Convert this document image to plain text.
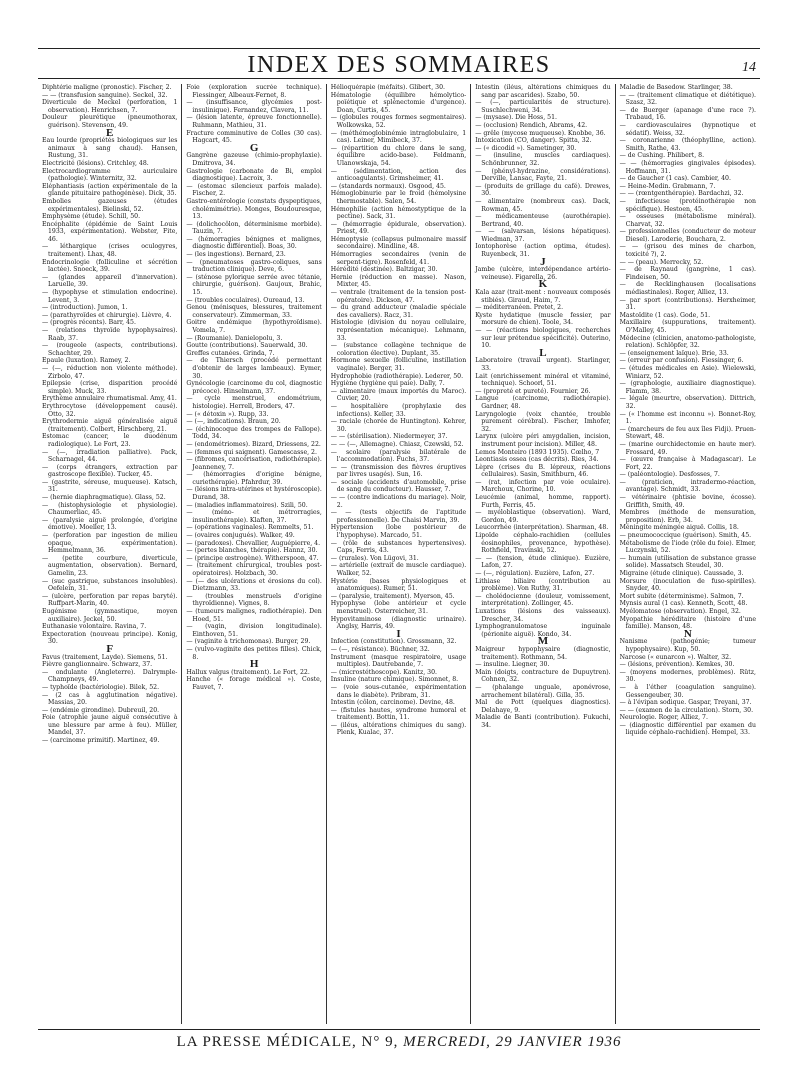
INDEX DES SOMMAIRES	14

Diphtérie maligne (pronostic). Fischer, 2.

— — (transfusion sanguine). Seckel, 32.

Diverticule de Meckel (perforation, 1 observation). Henrichsen, 7.

Douleur pleurétique (pneumothorax, guérison). Stevenson, 49.

E

Eau lourde (propriétés biologiques sur les animaux à sang chaud). Hansen, Rustung, 31.

Electricité (lésions). Critchley, 48.

Electrocardiogramme auriculaire (pathologie). Winternitz, 32.

Eléphantiasis (action expérimentale de la glande pituitaire pathogénèse). Dick, 35.

Embolies gazeuses (études expérimentales). Bielinski, 52.

Emphysème (étude). Schill, 50.

Encéphalite (épidémie de Saint Louis 1933, expérimentation). Webster, Fite, 46.

— léthargique (crises oculogyres, traitement). Lhax, 48.

Endocrinologie (folliculine et sécrétion lactée). Snoeck, 39.

— (glandes appareil d'innervation). Laruelle, 39.

— (hypophyse et stimulation endocrine). Levent, 3.

— (introduction). Jumon, 1.

— (parathyroïdes et chirurgie). Lièvre, 4.

— (progrès récents). Barr, 45.

— (relations thyroïde hypophysaires). Raab, 37.

— (rougeole (aspects, contributions). Schachter, 29.

Epaule (luxation). Ramey, 2.

— (—, réduction non violente méthode). Zirbolo, 47.

Epilepsie (crise, disparition procédé simple). Muck, 33.

Erythème annulaire rhumatismal. Amy, 41.

Erythrocytose (développement causé). Otto, 32.

Erythrodermie aiguë généralisée aiguë (traitement). Colbert, Hirschberg, 21.

Estomac (cancer, le duodénum radiologique). Le Fort, 23.

— (—, irradiation palliative). Pack, Scharnagel, 44.

— (corps étrangers, extraction par gastroscope flexible). Tucker, 45.

— (gastrite, séreuse, muqueuse). Katsch, 31.

— (hernie diaphragmatique). Glass, 52.

— (histophysiologie et physiologie). Chaumerliac, 45.

— (paralysie aiguë prolongée, d'origine émotive). Moeller, 13.

— (perforation par ingestion de milieu opaque, expérimentation). Hemmelmann, 36.

— (petite courbure, diverticule, augmentation, observation). Bernard, Gamelin, 23.

— (suc gastrique, substances insolubles). Oefelein, 31.

— (ulcère, perforation par repas baryté). Ruffpart-Marin, 40.

Eugénisme (gymnastique, moyen auxiliaire). Jeckel, 50.

Euthanasie volontaire. Ravina, 7.

Expectoration (nouveau principe). Konig, 30.

F

Favus (traitement, Layde). Siemens, 51.

Fièvre ganglionnaire. Schwarz, 37.

— ondulante (Angleterre). Dalrymple-Champneys, 49.

— typhoïde (bactériologie). Bilek, 52.

— (2 cas à agglutination négative). Massias, 20.

— (endémie girondine). Dubreuil, 20.

Foie (atrophie jaune aiguë consécutive à une blessure par arme à feu). Müller, Mandel, 37.

— (carcinome primitif). Martinez, 49.

Foie (exploration sucrée technique). Fiessinger, Albeaux-Fernet, 8.

— (insuffisance, glycémies post-insulinique). Fernandez, Clavera, 11.

— (lésion latente, épreuve fonctionnelle). Ruhmann, Mathieu, 31.

Fracture comminutive de Colles (30 cas). Hagcart, 45.

G

Gangrène gazeuse (chimio-prophylaxie). Dmitrova, 34.

Gastrologie (carbonate de Bi, emploi diagnostique). Lacroix, 3.

— (estomac silencieux parfois malade). Fischer, 2.

Gastro-entérologie (constats dyspeptiques, cholémimétrie). Monges, Boudouresque, 13.

— (dolichocôlon, déterminisme morbide). Tauzin, 7.

— (hémorragies bénignes et malignes, diagnostic différentiel). Boas, 30.

— (les ingestions). Bernard, 23.

— (pneumatoses gastro-coliques, sans traduction clinique). Deve, 6.

— (sténose pylorique serrée avec tétanie, chirurgie, guérison). Gaujoux, Brahic, 15.

— (troubles coculaires). Oureaud, 13.

Genou (ménisques, blessures, traitement conservateur). Zimmerman, 33.

Goitre endémique (hypothyroïdisme). Vomela, 7.

— (Roumanie). Danielopolu, 3.

Goutte (contributions). Sauerwald, 30.

Greffes cutanées. Grinda, 7.

— de Thiersch (procédé permettant d'obtenir de larges lambeaux). Eymer, 30.

Gynécologie (carcinome du col, diagnostic précoce). Hinselmann, 37.

— cycle menstruel, endométrium, histologie). Herrell, Broders, 47.

— (« détoxin »). Rupp, 33.

— (—, indications). Braun, 20.

— (échinocoque des trompes de Fallope). Todd, 34.

— (endométriomes). Bizard, Driessens, 22.

— (femmes qui saignent). Gamescasse, 2.

— (fibromes, cancérisation, radiothérapie). Jeanneney, 7.

— (hémorragies d'origine bénigne, curiethérapie). Pfahrdur, 39.

— (lésions intra-utérines et hystéroscopie). Durand, 38.

— (maladies inflammatoires). Szili, 50.

— (méno- et métrorragies, insulinothérapie). Klaften, 37.

— (opérations vaginales). Remmelts, 51.

— (ovaires conjugués). Walker, 49.

— (paradoxes). Chevallier, Auguépierre, 4.

— (pertes blanches, thérapie). Hannz, 30.

— (principe œstrogène). Witherspoon, 47.

— (traitement chirurgical, troubles post-opératoires). Holzbach, 30.

— (— des ulcérations et érosions du col). Dietzmann, 33.

— (troubles menstruels d'origine thyroïdienne). Vignes, 8.

— (tumeurs malignes, radiothérapie). Den Hoed, 51.

— (vagin, division longitudinale). Einthoven, 51.

— (vaginite à trichomonas). Burger, 29.

— (vulvo-vaginite des petites filles). Chick, 8.

H

Hallux valgus (traitement). Le Fort, 22.

Hanche (« forage médical »). Coste, Fauvet, 7.

Hélioquérapie (méfaits). Glibert, 30.

Hématologie (équilibre hémolytico-poïétique et splénectomie d'urgence). Doan, Curtis, 45.

— (globules rouges formes segmentaires). Wolkowska, 52.

— (méthémoglobinémie intraglobulaire, 1 cas). Leiner, Mimibeck, 37.

— (répartition du chlore dans le sang, équilibre acido-base). Feldmann, Ulanowskaja, 54.

— (sédimentation, action des anticoagulants). Grimsheimer, 41.

— (standards normaux). Osgood, 45.

Hémoglobinurie par le froid (hémolysine thermostable). Salen, 54.

Hémophilie (action hémostyptique de la pectine). Sack, 31.

— (hémorragie épidurale, observation). Priest, 49.

Hémoptysie (collapsus pulmonaire massif secondaire). Mindline, 48.

Hémorragies secondaires (venin de serpent-tigre). Rosenfeld, 41.

Hérédité (destinée). Baltzigar, 30.

Hernie (réduction en masse). Nason, Mixter, 45.

— ventrale (traitement de la tension post-opératoire). Dickson, 47.

— du grand adducteur (maladie spéciale des cavaliers). Racz, 31.

Histologie (division du noyau cellulaire, représentation mécanique). Lehmann, 33.

— (substance collagène technique de coloration élective). Duplant, 35.

Hormone sexuelle (folliculine, instillation vaginale). Berger, 31.

Hydrophobie (radiothérapie). Lederer, 50.

Hygiène (hygiène qui paie). Dally, 7.

— alimentaire (maux importés du Maroc). Cuvier, 20.

— hospitalière (prophylaxie des infections). Keller, 33.

— raciale (chorée de Huntington). Kehrer, 30.

— — (stérilisation). Niedermeyer, 37.

— — (—, Allemagne). Chiasz, Czewski, 52.

— scolaire (paralysie bilatérale de l'accommodation). Fuchs, 37.

— — (transmission des fièvres éruptives par livres usagés). Sun, 16.

— sociale (accidents d'automobile, prise de sang du conducteur). Hausser, 7.

— — (contre indications du mariage). Noir, 2.

— — (tests objectifs de l'aptitude professionnelle). De Chaisi Marvin, 39.

Hypertension (lobe postérieur de l'hypophyse). Marcado, 51.

— (rôle de substances hypertensives). Caps, Ferris, 43.

— (rurales). Von Lügovi, 31.

— artérielle (extrait de muscle cardiaque). Walker, 52.

Hystérie (bases physiologiques et anatomiques). Rumer, 51.

— (paralysie, traitement). Myerson, 45.

Hypophyse (lobe antérieur et cycle menstruel). Osterreicher, 31.

Hypovitaminose (diagnostic urinaire). Anglsy, Harris, 49.

I

Infection (constitution). Grossmann, 32.

— (—, résistance). Büchner, 32.

Instrument (masque respiratoire, usage multiples). Dautrebande, 7.

— (microstéthoscope). Kanitz, 30.

Insuline (nature chimique). Simonnet, 8.

— (voie sous-cutanée, expérimentation dans le diabète). Pribram, 31.

Intestin (côlon, carcinome). Devine, 48.

— (fistules hautes, syndrome humoral et traitement). Bottin, 11.

— (iléus, altérations chimiques du sang). Plenk, Kualac, 37.

Intestin (iléus, altérations chimiques du sang par ascarides). Szabo, 50.

— (—, particularités de structure). Suschlechweni, 34.

— (mysase). Die Hoss, 51.

— (occlusion) Rendich, Abrams, 42.

— grêle (mycose muqueuse). Knobbe, 36.

Intoxication (CO, danger). Spitta, 32.

— (« dicodid »). Sametinger, 30.

— (insuline, muscles cardiaques). Schönbrunner, 32.

— (phényl-hydrazine, considérations). Derville, Lansac, Fayte, 21.

— (produits de grillage du café). Drewes, 30.

— alimentaire (nombreux cas). Dack, Rowman, 45.

— médicamenteuse (aurothérapie). Bertrand, 40.

— — (salvarsan, lésions hépatiques). Wiedman, 37.

Iontophorèse (action optima, études). Ruyenbeck, 31.

J

Jambe (ulcère, interdépendance artério-veineuse). Figarella, 26.

K

Kala azar (trait-ment : nouveaux composés stibiés). Giraud, Haim, 7.

— méditerranéen. Pretet, 2.

Kyste hydatique (muscle fessier, par morsure de chien). Toole, 34.

— — (réactions biologiques, recherches sur leur prétendue spécificité). Outerino, 10.

L

Laboratoire (travail urgent). Starlinger, 33.

Lait (enrichissement minéral et vitaminé, technique). Schoorl, 51.

— (propreté et pureté). Fournier, 26.

Langue (carcinome, radiothérapie). Gardner, 48.

Laryngologie (voix chantée, trouble purement cérébral). Fischer, Imhofer, 32.

Larynx (ulcère péri amygdalien, incision, instrument pour incision). Miller, 48.

Lemos Monteiro (1893 1935). Cœlho, 7

Leontiasis ossea (cas décrits). Ries, 34.

Lèpre (crises du B. lépreux, réactions cellulaires). Sasin, Smithburn, 46.

— (rat, infection par voie oculaire). Marchoux, Chorine, 10.

Leucémie (animal, homme, rapport). Furth, Ferris, 45.

— myéloblastique (observation). Ward, Gordon, 49.

Leucorrhée (interprétation). Sharman, 48.

Lipoïde céphalo-rachidien (cellules éosinophiles, provenance, hypothèse). Rothfield, Travinski, 52.

— — (tension, étude clinique). Euzière, Lafon, 27.

— (—, régulation). Euzière, Lafon, 27.

Lithiase biliaire (contribution au problème). Von Ruthy, 31.

— cholédocienne (douleur, vomissement, interprétation). Zollinger, 45.

Luxations (lésions des vaisseaux). Drescher, 34.

Lymphogranulomatose inguinale (périonite aiguë). Kondo, 34.

M

Maigreur hypophysaire (diagnostic, traitement). Rothmann, 54.

— insuline. Liegner, 30.

Main (doigts, contracture de Dupuytren). Cohnen, 32.

— (phalange unguale, aponévrose, arrachement bilatéral). Gilla, 35.

Mal de Pott (quelques diagnostics). Delahaye, 9.

Maladie de Banti (contribution). Fukuchi, 34.

Maladie de Basedow. Starlinger, 38.

— — (traitement climatique et diététique). Szasz, 32.

— de Buerger (apanage d'une race ?). Trabaud, 16.

— cardiovasculaires (hypnotique et sédatif). Weiss, 32.

— coronarienne (théophylline, action). Smith, Rathe, 43.

— de Cushing. Philibert, 8.

— — (hémorragies gingivales épisodes). Hoffmann, 31.

— de Gaucher (1 cas). Cambier, 40.

— Heine-Medin. Grabmann, 7.

— — (rœntgenthérapie). Bardachzi, 32.

— infectieuse (protéinothérapie non spécifique). Hestoen, 45.

— osseuses (métabolisme minéral). Charvat, 32.

— professionnelles (conducteur de moteur Diesel). Laroderie, Bouchara, 2.

— — (grisou des mines de charbon, toxicité ?), 2.

— — (peau). Merrecky, 52.

— de Raynaud (gangrène, 1 cas). Findeisen, 50.

— de Recklinghausen (localisations médiastinales). Roger, Alliez, 13.

— par sport (contributions). Herxheimer, 31.

Mastoïdite (1 cas). Gode, 51.

Maxillaire (suppurations, traitement). O'Malley, 45.

Médecine (clinicien, anatomo-pathologiste, relation). Schlöpfer, 32.

— (enseignement laïque). Brie, 33.

— (erreur par confusion). Fiessinger, 6.

— (études médicales en Asie). Wielewski, Winiarz, 52.

— (graphologie, auxiliaire diagnostique). Flamm, 38.

— légale (meurtre, observation). Dittrich, 32.

— (« l'homme est inconnu »). Bonnet-Roy, 1.

— (marcheurs de feu aux îles Fidji). Pruen-Stewart, 48.

— (marine ourchidectomie en haute mer). Frossard, 49.

— (œuvre française à Madagascar). Le Fort, 22.

— (paléontologie). Desfosses, 7.

— (praticien, intradermo-réaction, avantage). Schmidt, 33.

— vétérinaire (phtisie bovine, écosse). Griffith, Smith, 49.

Membres (méthode de mensuration, proposition). Erb, 34.

Méningite méningée aiguë. Collis, 18.

— pneumococcique (guérison). Smith, 45.

Métabolisme de l'iode (rôle du foie). Elmer, Luczynski, 52.

— humain (utilisation de substance grasse solide). Massatsch Steudel, 30.

Migraine (étude clinique). Caussade, 3.

Morsure (inoculation de fuso-spirilles). Snyder, 40.

Mort subite (déterminisme). Salmon, 7.

Mynsis aural (1 cas). Kenneth, Scott, 48.

Myélomatose (observation). Engel, 32.

Myopathie héréditaire (histoire d'une famille). Manson, 48.

N

Nanisme (pathogénie; tumeur hypophysaire). Kup, 50.

Narcose (« eunarcon »). Walter, 32.

— (lésions, prévention). Kemkes, 30.

— (moyens modernes, problèmes). Rütz, 30.

— à l'éther (coagulation sanguine). Gessengeuber, 30.

— à l'évipan sodique. Gaspar, Treyani, 37.

— — (examen de la circulation). Storn, 30.

Neurologie. Roger, Alliez, 7.

— (diagnostic différentiel par examen du liquide céphalo-rachidien). Hempel, 33.

LA PRESSE MÉDICALE, N° 9, MERCREDI, 29 JANVIER 1936
